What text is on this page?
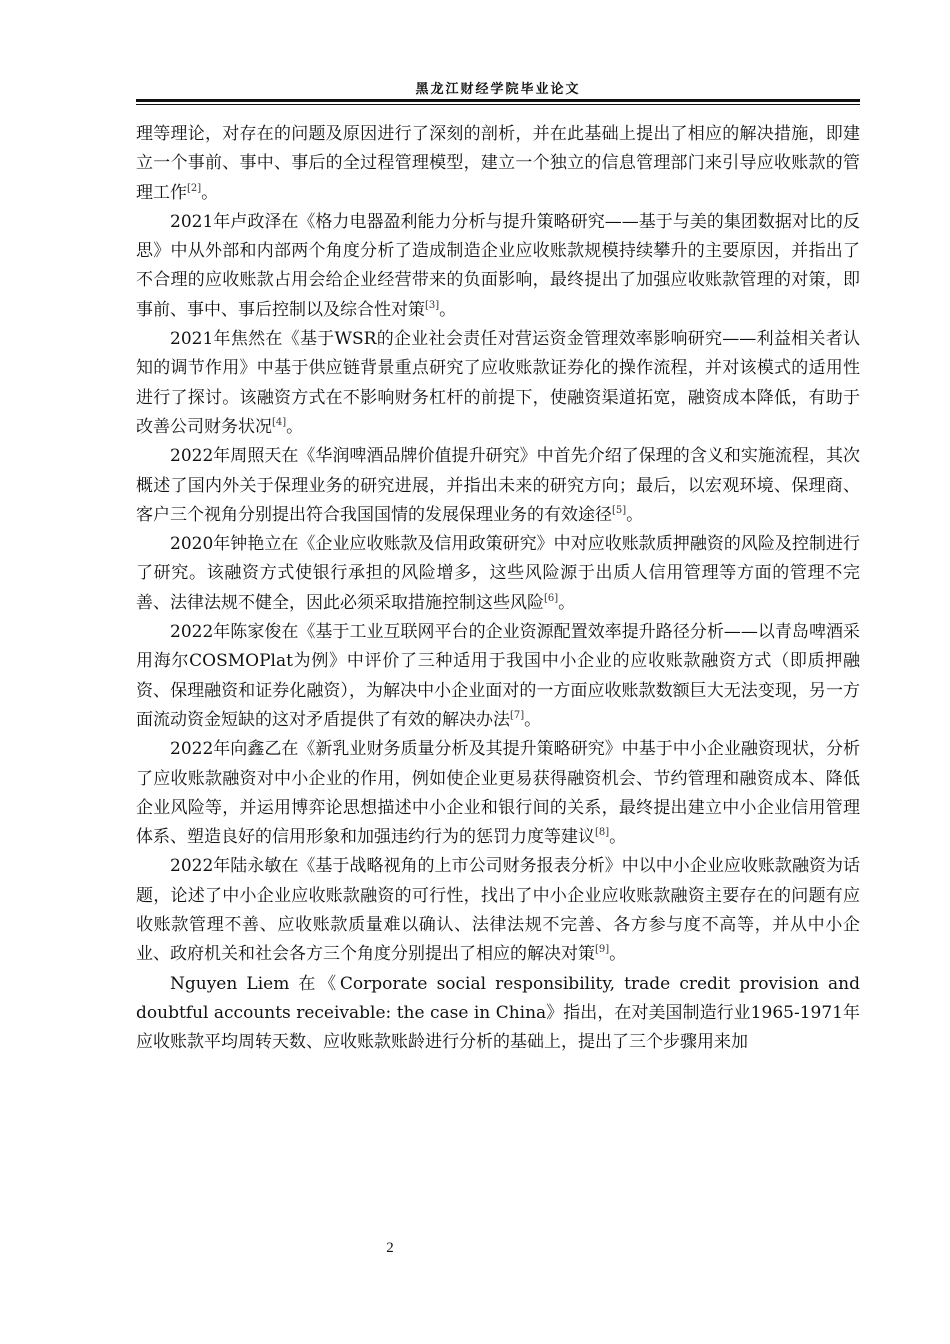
黑龙江财经学院毕业论文

理等理论，对存在的问题及原因进行了深刻的剖析，并在此基础上提出了相应的解决措施，即建立一个事前、事中、事后的全过程管理模型，建立一个独立的信息管理部门来引导应收账款的管理工作[2]。

2021年卢政泽在《格力电器盈利能力分析与提升策略研究——基于与美的集团数据对比的反思》中从外部和内部两个角度分析了造成制造企业应收账款规模持续攀升的主要原因，并指出了不合理的应收账款占用会给企业经营带来的负面影响，最终提出了加强应收账款管理的对策，即事前、事中、事后控制以及综合性对策[3]。

2021年焦然在《基于WSR的企业社会责任对营运资金管理效率影响研究——利益相关者认知的调节作用》中基于供应链背景重点研究了应收账款证券化的操作流程，并对该模式的适用性进行了探讨。该融资方式在不影响财务杠杆的前提下，使融资渠道拓宽，融资成本降低，有助于改善公司财务状况[4]。

2022年周照天在《华润啤酒品牌价值提升研究》中首先介绍了保理的含义和实施流程，其次概述了国内外关于保理业务的研究进展，并指出未来的研究方向；最后，以宏观环境、保理商、客户三个视角分别提出符合我国国情的发展保理业务的有效途径[5]。

2020年钟艳立在《企业应收账款及信用政策研究》中对应收账款质押融资的风险及控制进行了研究。该融资方式使银行承担的风险增多，这些风险源于出质人信用管理等方面的管理不完善、法律法规不健全，因此必须采取措施控制这些风险[6]。

2022年陈家俊在《基于工业互联网平台的企业资源配置效率提升路径分析——以青岛啤酒采用海尔COSMOPlat为例》中评价了三种适用于我国中小企业的应收账款融资方式（即质押融资、保理融资和证券化融资），为解决中小企业面对的一方面应收账款数额巨大无法变现，另一方面流动资金短缺的这对矛盾提供了有效的解决办法[7]。

2022年向鑫乙在《新乳业财务质量分析及其提升策略研究》中基于中小企业融资现状，分析了应收账款融资对中小企业的作用，例如使企业更易获得融资机会、节约管理和融资成本、降低企业风险等，并运用博弈论思想描述中小企业和银行间的关系，最终提出建立中小企业信用管理体系、塑造良好的信用形象和加强违约行为的惩罚力度等建议[8]。

2022年陆永敏在《基于战略视角的上市公司财务报表分析》中以中小企业应收账款融资为话题，论述了中小企业应收账款融资的可行性，找出了中小企业应收账款融资主要存在的问题有应收账款管理不善、应收账款质量难以确认、法律法规不完善、各方参与度不高等，并从中小企业、政府机关和社会各方三个角度分别提出了相应的解决对策[9]。

Nguyen Liem 在《Corporate social responsibility, trade credit provision and doubtful accounts receivable: the case in China》指出，在对美国制造行业1965-1971年应收账款平均周转天数、应收账款账龄进行分析的基础上，提出了三个步骤用来加

2
